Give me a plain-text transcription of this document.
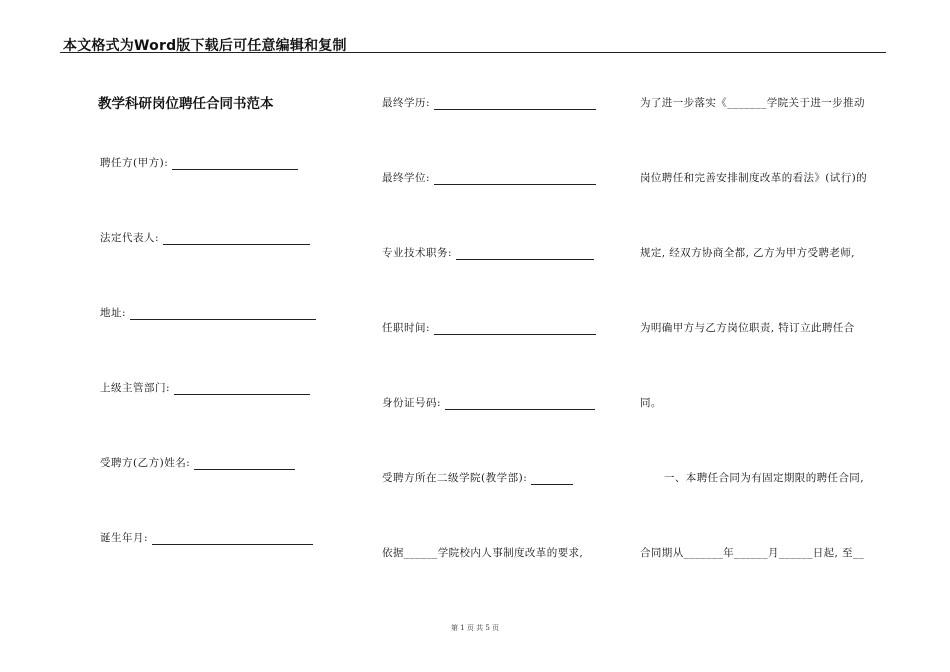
本文格式为Word版下载后可任意编辑和复制
教学科研岗位聘任合同书范本
聘任方(甲方):
法定代表人:
地址:
上级主管部门:
受聘方(乙方)姓名:
诞生年月:
最终学历:
最终学位:
专业技术职务:
任职时间:
身份证号码:
受聘方所在二级学院(教学部):
依据______学院校内人事制度改革的要求,
为了进一步落实《_______学院关于进一步推动
岗位聘任和完善安排制度改革的看法》(试行)的
规定, 经双方协商全都, 乙方为甲方受聘老师,
为明确甲方与乙方岗位职责, 特订立此聘任合
同。
一、本聘任合同为有固定期限的聘任合同,
合同期从_______年______月______日起, 至__
第 1 页 共 5 页
